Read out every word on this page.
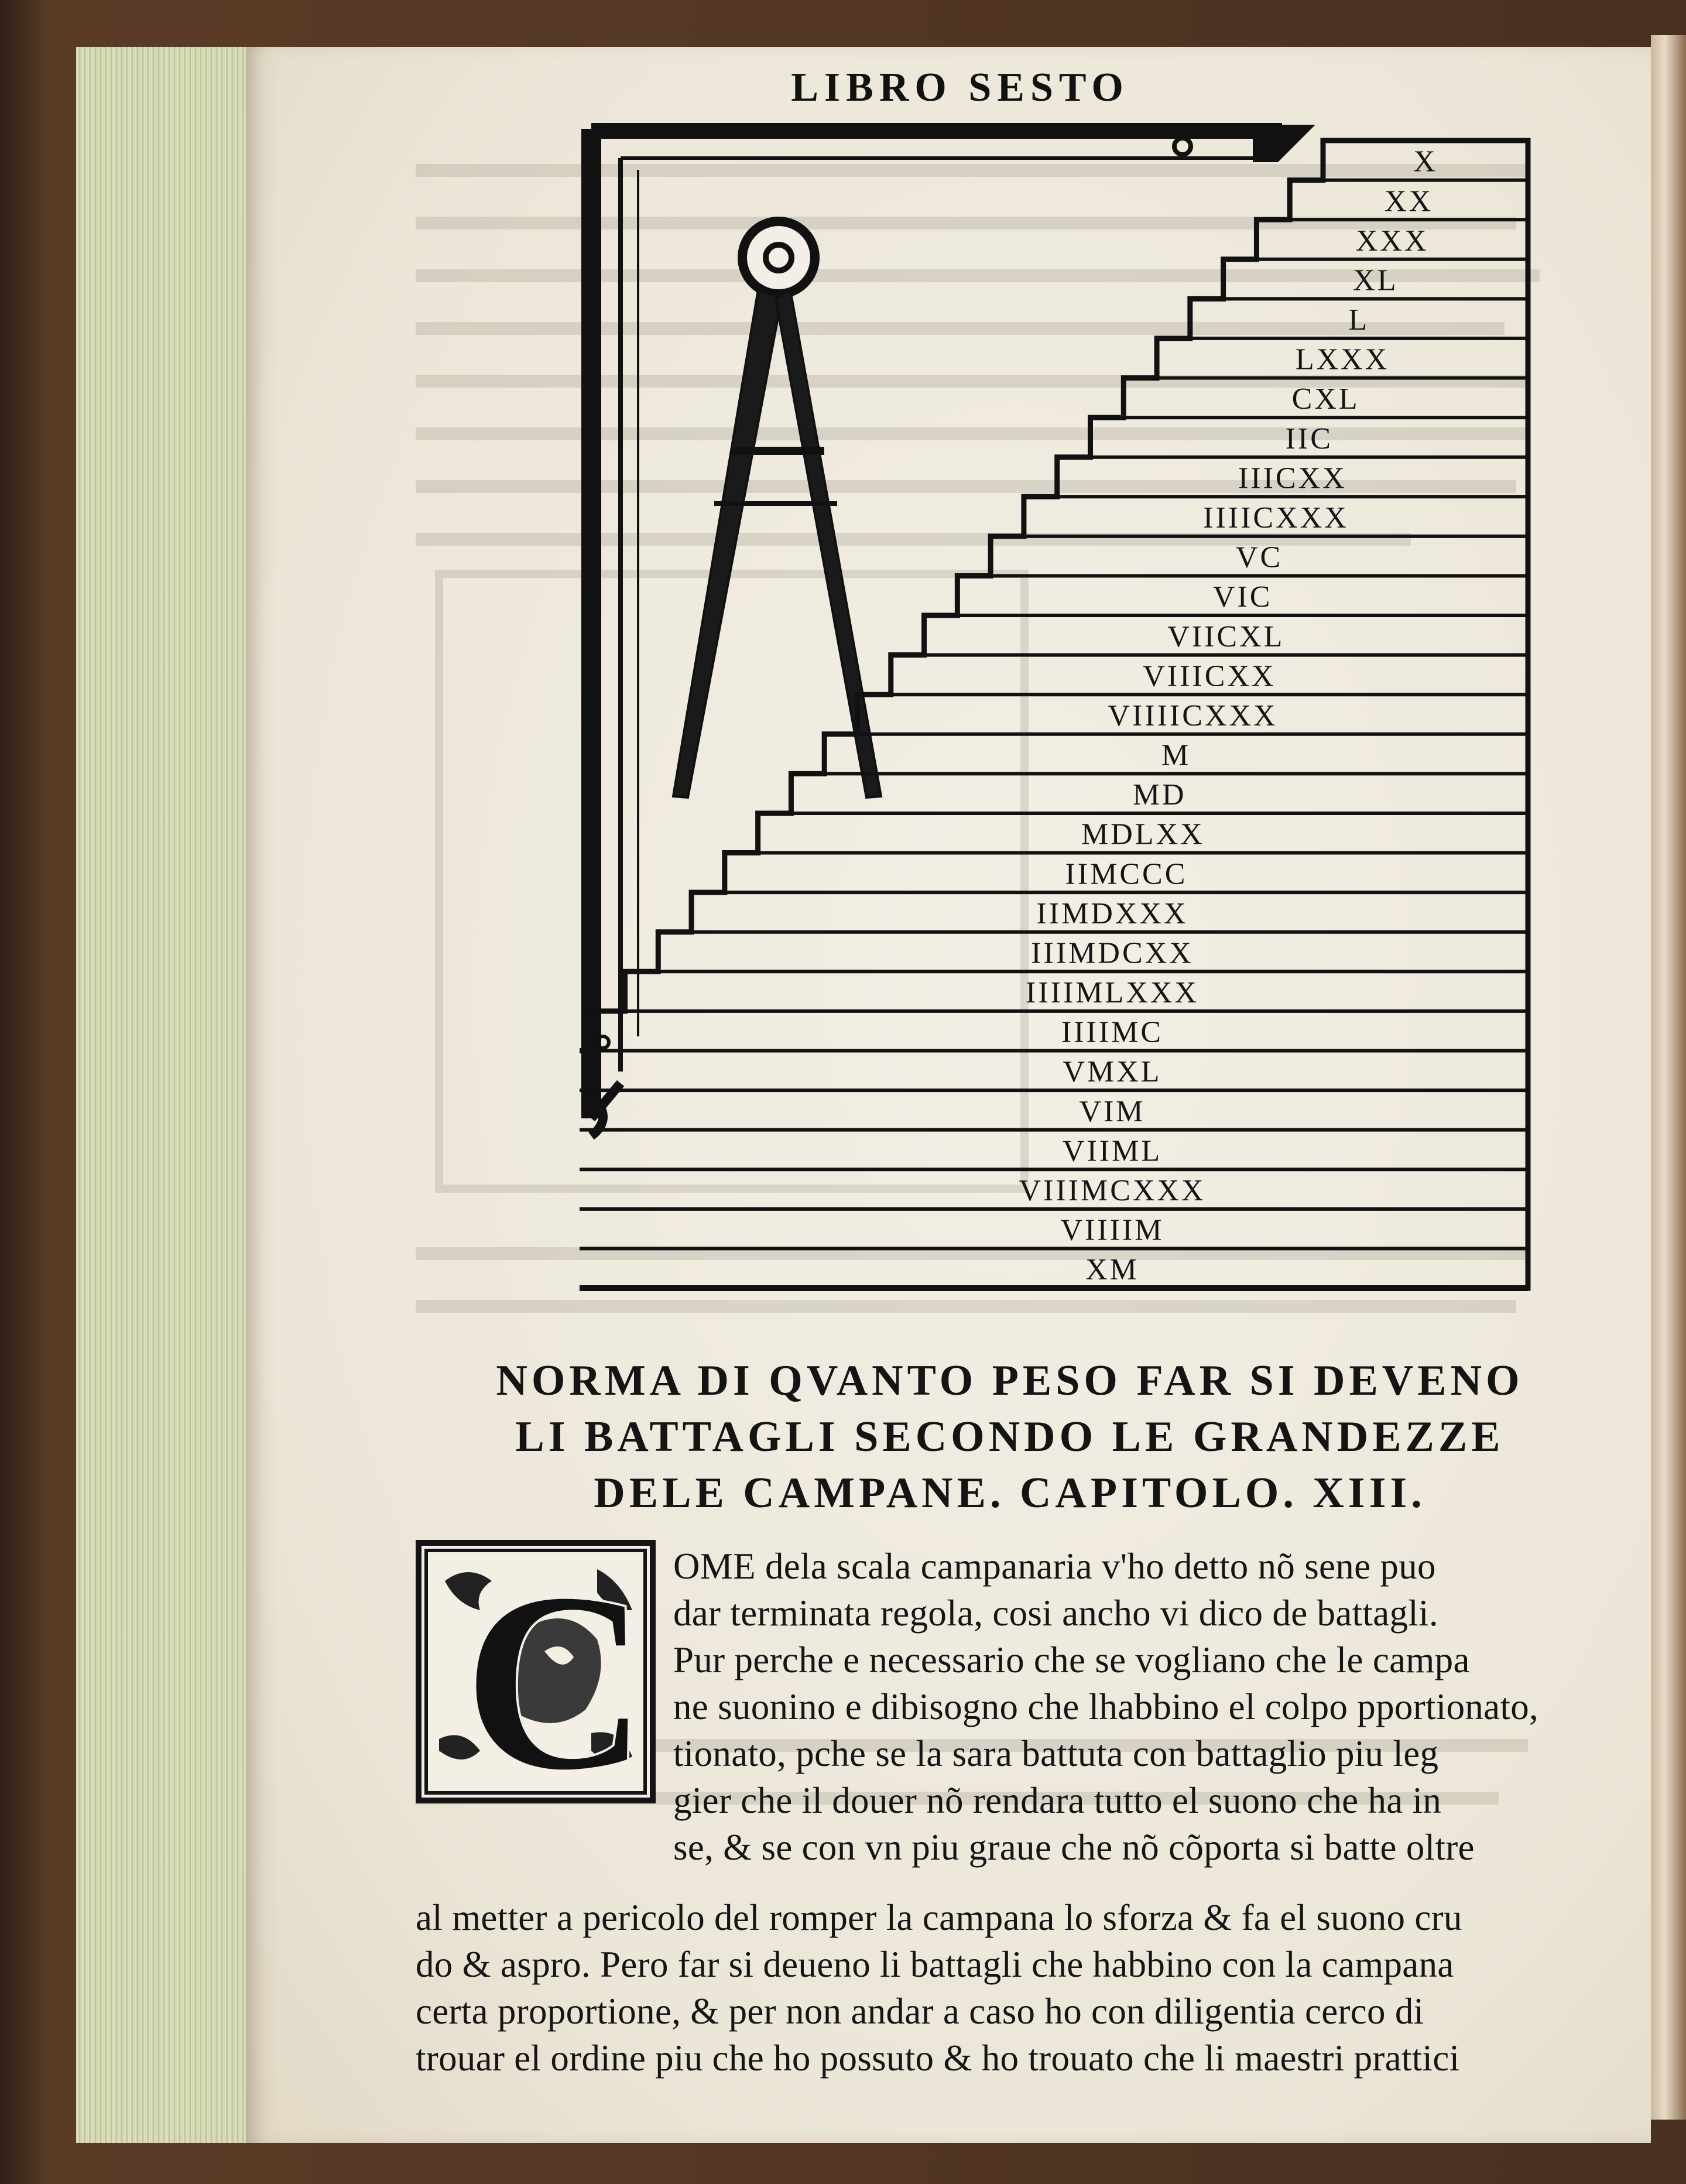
LIBRO SESTO
X
XX
XXX
XL
L
LXXX
CXL
IIC
IIICXX
IIIICXXX
VC
VIC
VIICXL
VIIICXX
VIIIICXXX
M
MD
MDLXX
IIMCCC
IIMDXXX
IIIMDCXX
IIIIMLXXX
IIIIMC
VMXL
VIM
VIIML
VIIIMCXXX
VIIIIM
XM
NORMA DI QVANTO PESO FAR SI DEVENO
LI BATTAGLI SECONDO LE GRANDEZZE
DELE CAMPANE. CAPITOLO. XIII.
C OME dela scala campanaria v'ho detto nõ sene puo
dar terminata regola, cosi ancho vi dico de battagli.
Pur perche e necessario che se vogliano che le campa
ne suonino e dibisogno che lhabbino el colpo pportionato,
tionato, pche se la sara battuta con battaglio piu leg
gier che il douer nõ rendara tutto el suono che ha in
se, & se con vn piu graue che nõ cõporta si batte oltre
al metter a pericolo del romper la campana lo sforza & fa el suono cru
do & aspro. Pero far si deueno li battagli che habbino con la campana
certa proportione, & per non andar a caso ho con diligentia cerco di
trouar el ordine piu che ho possuto & ho trouato che li maestri prattici
